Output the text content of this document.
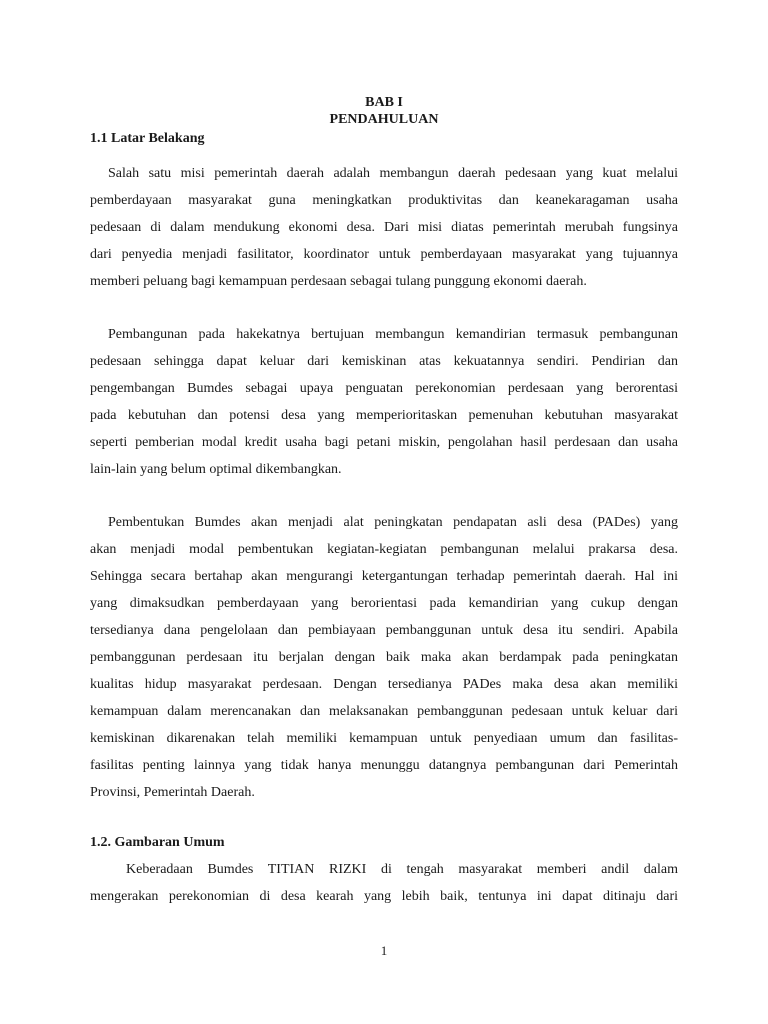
BAB I
PENDAHULUAN
1.1 Latar Belakang

Salah satu misi pemerintah daerah adalah membangun daerah pedesaan yang kuat melalui
pemberdayaan masyarakat guna meningkatkan produktivitas dan keanekaragaman usaha
pedesaan di dalam mendukung ekonomi desa. Dari misi diatas pemerintah merubah fungsinya
dari penyedia menjadi fasilitator, koordinator untuk pemberdayaan masyarakat yang tujuannya
memberi peluang bagi kemampuan perdesaan sebagai tulang punggung ekonomi daerah.

Pembangunan pada hakekatnya bertujuan membangun kemandirian termasuk pembangunan
pedesaan sehingga dapat keluar dari kemiskinan atas kekuatannya sendiri. Pendirian dan
pengembangan Bumdes sebagai upaya penguatan perekonomian perdesaan yang berorentasi
pada kebutuhan dan potensi desa yang memperioritaskan pemenuhan kebutuhan masyarakat
seperti pemberian modal kredit usaha bagi petani miskin, pengolahan hasil perdesaan dan usaha
lain-lain yang belum optimal dikembangkan.

Pembentukan Bumdes akan menjadi alat peningkatan pendapatan asli desa (PADes) yang
akan menjadi modal pembentukan kegiatan-kegiatan pembangunan melalui prakarsa desa.
Sehingga secara bertahap akan mengurangi ketergantungan terhadap pemerintah daerah. Hal ini
yang dimaksudkan pemberdayaan yang berorientasi pada kemandirian yang cukup dengan
tersedianya dana pengelolaan dan pembiayaan pembanggunan untuk desa itu sendiri. Apabila
pembanggunan perdesaan itu berjalan dengan baik maka akan berdampak pada peningkatan
kualitas hidup masyarakat perdesaan. Dengan tersedianya PADes maka desa akan memiliki
kemampuan dalam merencanakan dan melaksanakan pembanggunan pedesaan untuk keluar dari
kemiskinan dikarenakan telah memiliki kemampuan untuk penyediaan umum dan fasilitas-
fasilitas penting lainnya yang tidak hanya menunggu datangnya pembangunan dari Pemerintah
Provinsi, Pemerintah Daerah.

1.2. Gambaran Umum

Keberadaan Bumdes TITIAN RIZKI di tengah masyarakat memberi andil dalam
mengerakan perekonomian di desa kearah yang lebih baik, tentunya ini dapat ditinaju dari

1
